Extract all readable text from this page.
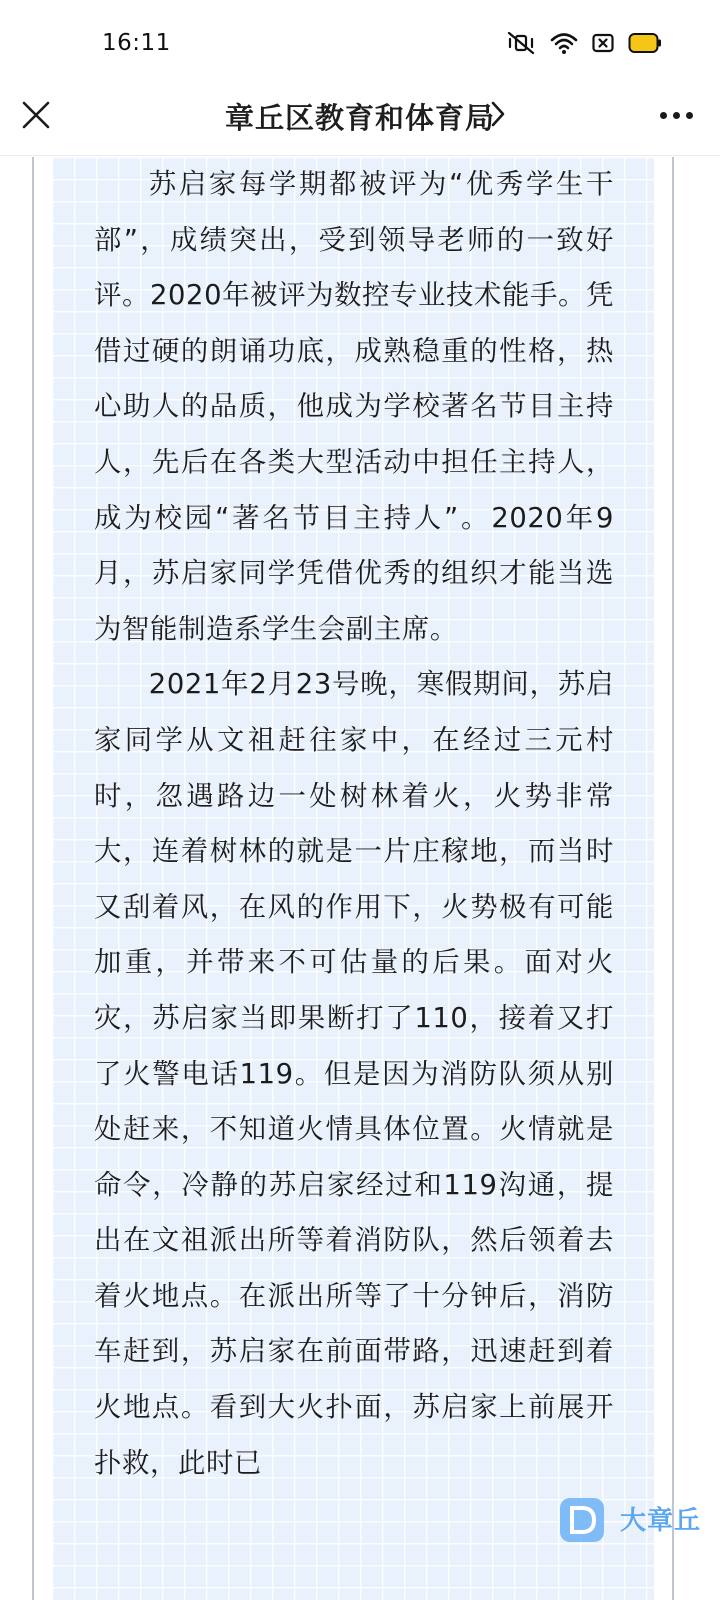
16:11
章丘区教育和体育局

苏启家每学期都被评为“优秀学生干部”，成绩突出，受到领导老师的一致好评。2020年被评为数控专业技术能手。凭借过硬的朗诵功底，成熟稳重的性格，热心助人的品质，他成为学校著名节目主持人，先后在各类大型活动中担任主持人，成为校园“著名节目主持人”。2020年9月，苏启家同学凭借优秀的组织才能当选为智能制造系学生会副主席。

2021年2月23号晚，寒假期间，苏启家同学从文祖赶往家中，在经过三元村时，忽遇路边一处树林着火，火势非常大，连着树林的就是一片庄稼地，而当时又刮着风，在风的作用下，火势极有可能加重，并带来不可估量的后果。面对火灾，苏启家当即果断打了110，接着又打了火警电话119。但是因为消防队须从别处赶来，不知道火情具体位置。火情就是命令，冷静的苏启家经过和119沟通，提出在文祖派出所等着消防队，然后领着去着火地点。在派出所等了十分钟后，消防车赶到，苏启家在前面带路，迅速赶到着火地点。看到大火扑面，苏启家上前展开扑救，此时已

大章丘
